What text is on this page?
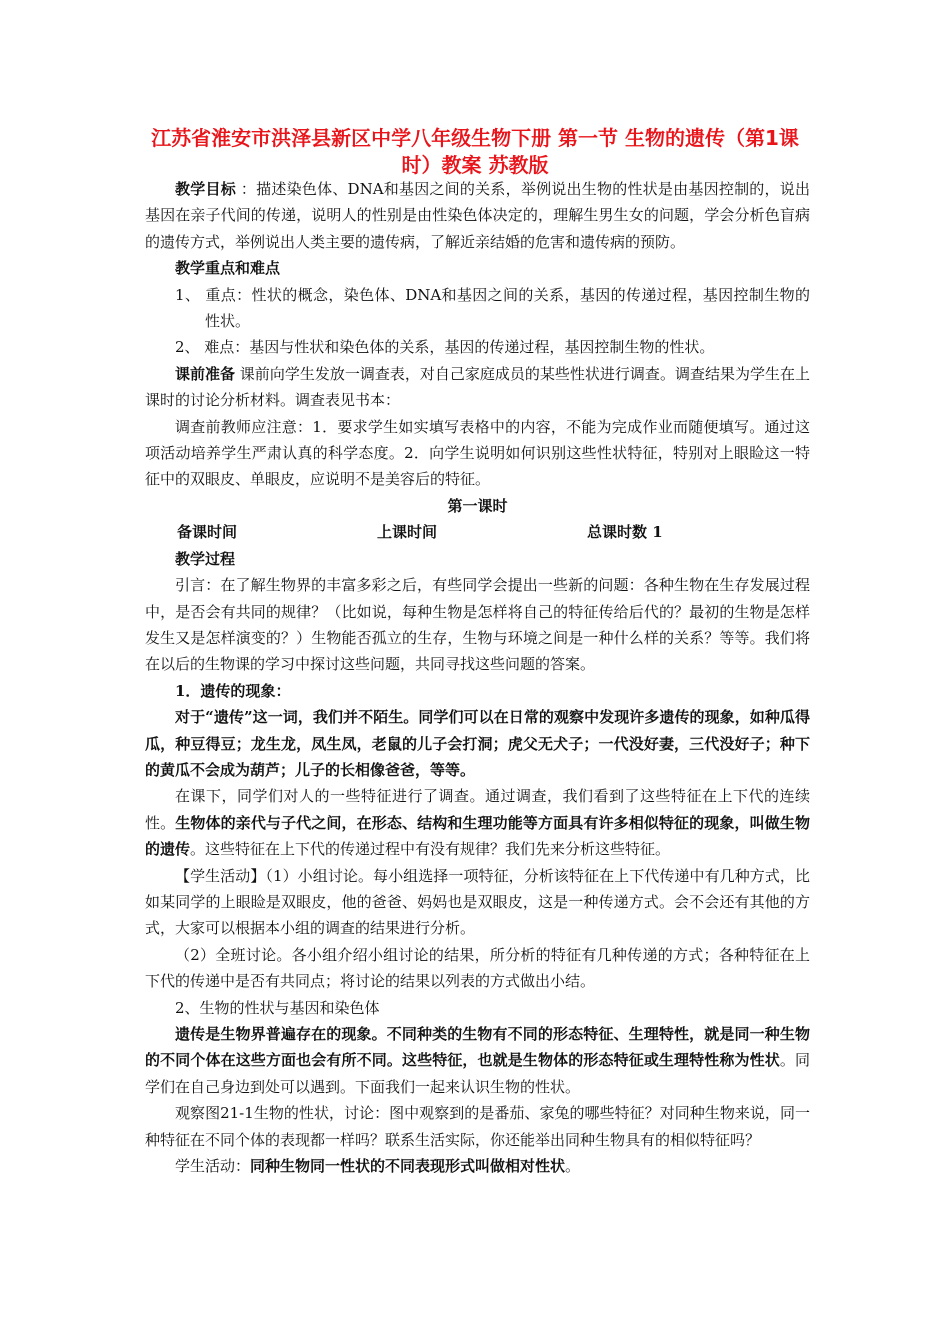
江苏省淮安市洪泽县新区中学八年级生物下册 第一节 生物的遗传（第1课时）教案 苏教版

教学目标 ：描述染色体、DNA和基因之间的关系，举例说出生物的性状是由基因控制的，说出基因在亲子代间的传递，说明人的性别是由性染色体决定的，理解生男生女的问题，学会分析色盲病的遗传方式，举例说出人类主要的遗传病，了解近亲结婚的危害和遗传病的预防。

教学重点和难点

1、 重点：性状的概念，染色体、DNA和基因之间的关系，基因的传递过程，基因控制生物的性状。

2、 难点：基因与性状和染色体的关系，基因的传递过程，基因控制生物的性状。

课前准备 课前向学生发放一调查表，对自己家庭成员的某些性状进行调查。调查结果为学生在上课时的讨论分析材料。调查表见书本：

调查前教师应注意：1．要求学生如实填写表格中的内容，不能为完成作业而随便填写。通过这项活动培养学生严肃认真的科学态度。2．向学生说明如何识别这些性状特征，特别对上眼睑这一特征中的双眼皮、单眼皮，应说明不是美容后的特征。

第一课时

备课时间	上课时间	总课时数 1

教学过程

引言：在了解生物界的丰富多彩之后，有些同学会提出一些新的问题：各种生物在生存发展过程中，是否会有共同的规律？（比如说，每种生物是怎样将自己的特征传给后代的？最初的生物是怎样发生又是怎样演变的？）生物能否孤立的生存，生物与环境之间是一种什么样的关系？等等。我们将在以后的生物课的学习中探讨这些问题，共同寻找这些问题的答案。

1．遗传的现象：

对于“遗传”这一词，我们并不陌生。同学们可以在日常的观察中发现许多遗传的现象，如种瓜得瓜，种豆得豆；龙生龙，凤生凤，老鼠的儿子会打洞；虎父无犬子；一代没好妻，三代没好子；种下的黄瓜不会成为葫芦；儿子的长相像爸爸，等等。

在课下，同学们对人的一些特征进行了调查。通过调查，我们看到了这些特征在上下代的连续性。生物体的亲代与子代之间，在形态、结构和生理功能等方面具有许多相似特征的现象，叫做生物的遗传。这些特征在上下代的传递过程中有没有规律？我们先来分析这些特征。

【学生活动】（1）小组讨论。每小组选择一项特征，分析该特征在上下代传递中有几种方式，比如某同学的上眼睑是双眼皮，他的爸爸、妈妈也是双眼皮，这是一种传递方式。会不会还有其他的方式，大家可以根据本小组的调查的结果进行分析。

（2）全班讨论。各小组介绍小组讨论的结果，所分析的特征有几种传递的方式；各种特征在上下代的传递中是否有共同点；将讨论的结果以列表的方式做出小结。

2、生物的性状与基因和染色体

遗传是生物界普遍存在的现象。不同种类的生物有不同的形态特征、生理特性，就是同一种生物的不同个体在这些方面也会有所不同。这些特征，也就是生物体的形态特征或生理特性称为性状。同学们在自己身边到处可以遇到。下面我们一起来认识生物的性状。

观察图21-1生物的性状，讨论：图中观察到的是番茄、家兔的哪些特征？对同种生物来说，同一种特征在不同个体的表现都一样吗？联系生活实际，你还能举出同种生物具有的相似特征吗？

学生活动：同种生物同一性状的不同表现形式叫做相对性状。
